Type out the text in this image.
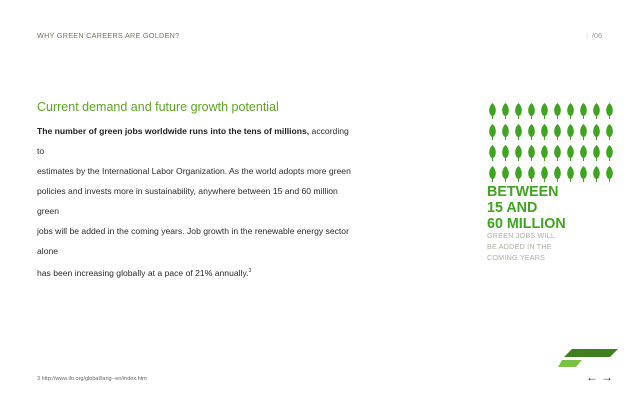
WHY GREEN CAREERS ARE GOLDEN?	| /06
Current demand and future growth potential

The number of green jobs worldwide runs into the tens of millions, according to
estimates by the International Labor Organization. As the world adopts more green
policies and invests more in sustainability, anywhere between 15 and 60 million green
jobs will be added in the coming years. Job growth in the renewable energy sector alone
has been increasing globally at a pace of 21% annually.$^3$

BETWEEN
15 AND
60 MILLION

GREEN JOBS WILL
BE ADDED IN THE
COMING YEARS

3 http://www.ilo.org/global/lang--en/index.htm	← →
